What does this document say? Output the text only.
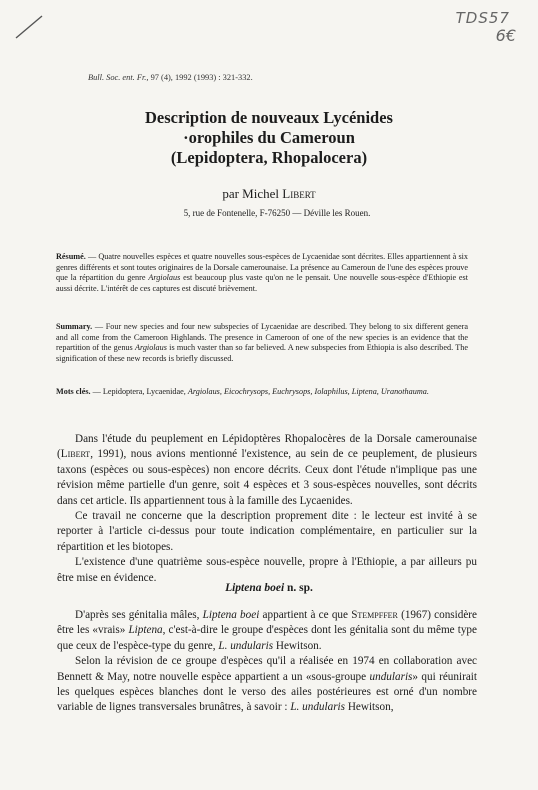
TDS57
6€
Bull. Soc. ent. Fr., 97 (4), 1992 (1993) : 321-332.
Description de nouveaux Lycénides
·orophiles du Cameroun
(Lepidoptera, Rhopalocera)
par Michel Libert
5, rue de Fontenelle, F-76250 — Déville les Rouen.
Résumé. — Quatre nouvelles espèces et quatre nouvelles sous-espèces de Lycaenidae sont décrites. Elles appartiennent à six genres différents et sont toutes originaires de la Dorsale camerounaise. La présence au Cameroun de l'une des espèces prouve que la répartition du genre Argiolaus est beaucoup plus vaste qu'on ne le pensait. Une nouvelle sous-espèce d'Ethiopie est aussi décrite. L'intérêt de ces captures est discuté brièvement.
Summary. — Four new species and four new subspecies of Lycaenidae are described. They belong to six different genera and all come from the Cameroon Highlands. The presence in Cameroon of one of the new species is an evidence that the repartition of the genus Argiolaus is much vaster than so far believed. A new subspecies from Ethiopia is also described. The signification of these new records is briefly discussed.
Mots clés. — Lepidoptera, Lycaenidae, Argiolaus, Eicochrysops, Euchrysops, Iolaphilus, Liptena, Uranothauma.

Dans l'étude du peuplement en Lépidoptères Rhopalocères de la Dorsale camerounaise (Libert, 1991), nous avions mentionné l'existence, au sein de ce peuplement, de plusieurs taxons (espèces ou sous-espèces) non encore décrits. Ceux dont l'étude n'implique pas une révision même partielle d'un genre, soit 4 espèces et 3 sous-espèces nouvelles, sont décrits dans cet article. Ils appartiennent tous à la famille des Lycaenides.

Ce travail ne concerne que la description proprement dite : le lecteur est invité à se reporter à l'article ci-dessus pour toute indication complémentaire, en particulier sur la répartition et les biotopes.

L'existence d'une quatrième sous-espèce nouvelle, propre à l'Ethiopie, a par ailleurs pu être mise en évidence.

Liptena boei n. sp.

D'après ses génitalia mâles, Liptena boei appartient à ce que Stempffer (1967) considère être les «vrais» Liptena, c'est-à-dire le groupe d'espèces dont les génitalia sont du même type que ceux de l'espèce-type du genre, L. undularis Hewitson.

Selon la révision de ce groupe d'espèces qu'il a réalisée en 1974 en collaboration avec Bennett & May, notre nouvelle espèce appartient a un «sous-groupe undularis» qui réunirait les quelques espèces blanches dont le verso des ailes postérieures est orné d'un nombre variable de lignes transversales brunâtres, à savoir : L. undularis Hewitson,
